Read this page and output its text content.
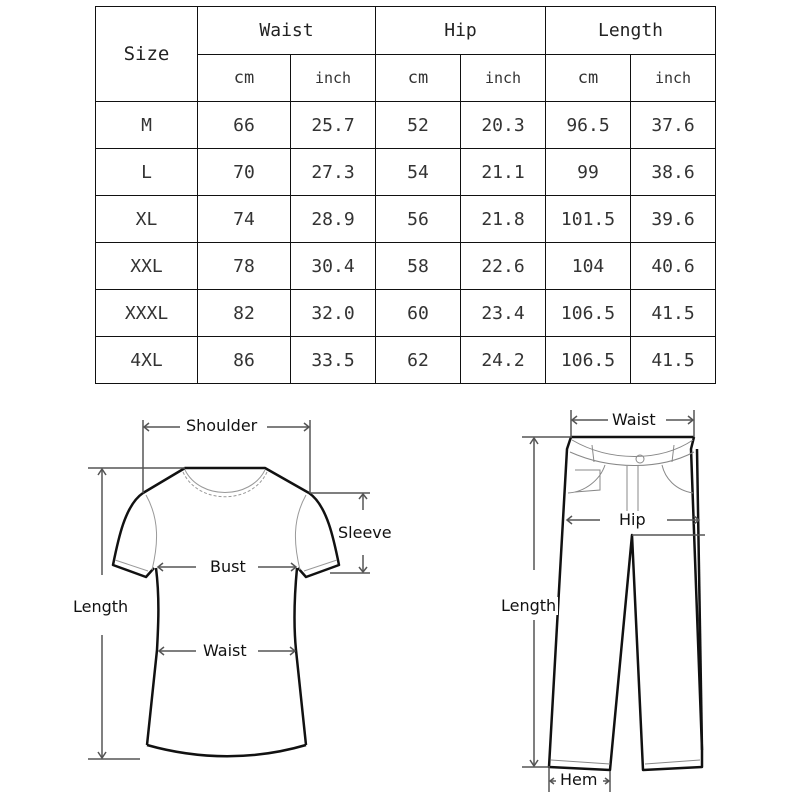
Size	Waist		Hip		Length	
	cm	inch	cm	inch	cm	inch
M	66	25.7	52	20.3	96.5	37.6
L	70	27.3	54	21.1	99	38.6
XL	74	28.9	56	21.8	101.5	39.6
XXL	78	30.4	58	22.6	104	40.6
XXXL	82	32.0	60	23.4	106.5	41.5
4XL	86	33.5	62	24.2	106.5	41.5
Shoulder
Sleeve
Bust
Length
Waist
Waist
Hip
Length
Hem
